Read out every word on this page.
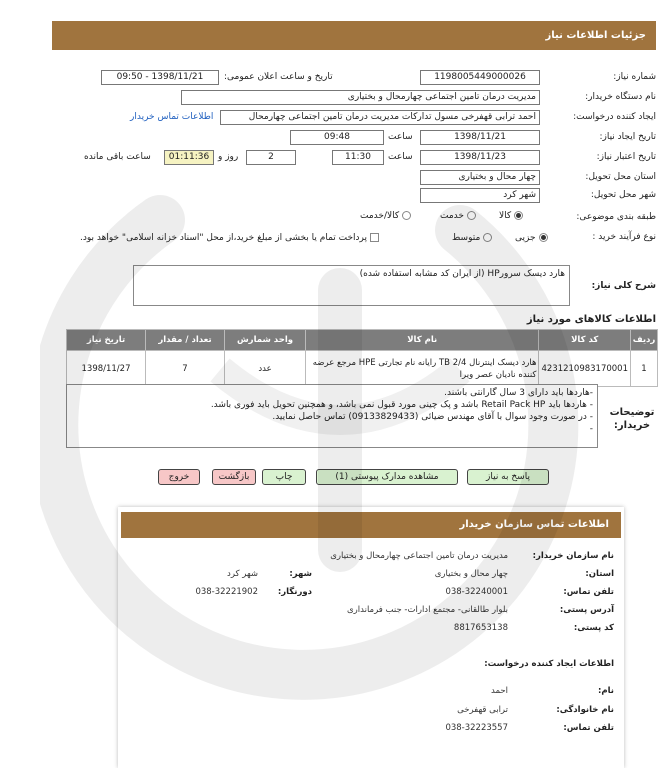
جزئیات اطلاعات نیاز
شماره نیاز:
1198005449000026
تاریخ و ساعت اعلان عمومی:
1398/11/21 - 09:50
نام دستگاه خریدار:
مدیریت درمان تامین اجتماعی چهارمحال و بختیاری
ایجاد کننده درخواست:
احمد ترابی قهفرخی مسول تدارکات مدیریت درمان تامین اجتماعی چهارمحال
اطلاعات تماس خریدار
تاریخ ایجاد نیاز:
1398/11/21
ساعت
09:48
تاریخ اعتبار نیاز:
1398/11/23
ساعت
11:30
2
روز و
01:11:36
ساعت باقی مانده
استان محل تحویل:
چهار محال و بختیاری
شهر محل تحویل:
شهر کرد
طبقه بندی موضوعی:
کالا
خدمت
کالا/خدمت
نوع فرآیند خرید :
جزیی
متوسط
پرداخت تمام یا بخشی از مبلغ خرید،از محل "اسناد خزانه اسلامی" خواهد بود.
شرح کلی نیاز:
هارد دیسک سرورHP (از ایران کد مشابه استفاده شده)
اطلاعات کالاهای مورد نیاز
ردیف	کد کالا	نام کالا	واحد شمارش	تعداد / مقدار	تاریخ نیاز
1	4231210983170001	هارد دیسک اینترنال TB 2/4 رایانه نام تجارتی HPE مرجع عرضه کننده نادیان عصر ویرا	عدد	7	1398/11/27
توضیحات خریدار:
-هاردها باید دارای 3 سال گارانتی باشند.
- هاردها باید Retail Pack HP باشد و پک چینی مورد قبول نمی باشد، و همچنین تحویل باید فوری باشد.
- در صورت وجود سوال با آقای مهندس ضیائی (09133829433) تماس حاصل نمایید.
-
پاسخ به نیاز
مشاهده مدارک پیوستی (1)
چاپ
بازگشت
خروج
اطلاعات تماس سازمان خریدار
نام سازمان خریدار:
مدیریت درمان تامین اجتماعی چهارمحال و بختیاری
استان:
چهار محال و بختیاری
شهر:
شهر کرد
تلفن تماس:
038-32240001
دورنگار:
038-32221902
آدرس پستی:
بلوار طالقانی- مجتمع ادارات- جنب فرمانداری
کد پستی:
8817653138
اطلاعات ایجاد کننده درخواست:
نام:
احمد
نام خانوادگی:
ترابی قهفرخی
تلفن تماس:
038-32223557
